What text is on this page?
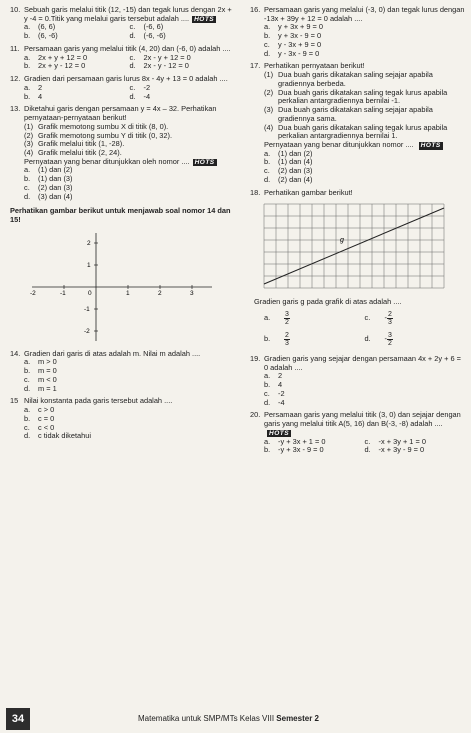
10. Sebuah garis melalui titik (12, -15) dan tegak lurus dengan 2x + y -4 = 0.Titik yang melalui garis tersebut adalah .... HOTS
a.	(6, 6)	c.	(-6, 6)
b.	(6, -6)	d.	(-6, -6)
11. Persamaan garis yang melalui titik (4, 20) dan (-6, 0) adalah ....
a.	2x + y + 12 = 0	c.	2x - y + 12 = 0
b.	2x + y - 12 = 0	d.	2x - y - 12 = 0
12. Gradien dari persamaan garis lurus 8x - 4y + 13 = 0 adalah ....
a.	2	c.	-2
b.	4	d.	-4
13. Diketahui garis dengan persamaan y = 4x – 32. Perhatikan pernyataan-pernyataan berikut!
(1) Grafik memotong sumbu X di titik (8, 0).
(2) Grafik memotong sumbu Y di titik (0, 32).
(3) Grafik melalui titik (1, -28).
(4) Grafik melalui titik (2, 24).
Pernyataan yang benar ditunjukkan oleh nomor .... HOTS
a.	(1) dan (2)
b.	(1) dan (3)
c.	(2) dan (3)
d.	(3) dan (4)
Perhatikan gambar berikut untuk menjawab soal nomor 14 dan 15!
-2	-1	0	1	2	3
2
1
-1
-2
14. Gradien dari garis di atas adalah m. Nilai m adalah ....
a.	m > 0
b.	m = 0
c.	m < 0
d.	m = 1
15 Nilai konstanta pada garis tersebut adalah ....
a.	c > 0
b.	c = 0
c.	c < 0
d.	c tidak diketahui
16. Persamaan garis yang melalui (-3, 0) dan tegak lurus dengan -13x + 39y + 12 = 0 adalah ....
a.	y + 3x + 9 = 0
b.	y + 3x - 9 = 0
c.	y - 3x + 9 = 0
d.	y - 3x - 9 = 0
17. Perhatikan pernyataan berikut!
(1) Dua buah garis dikatakan saling sejajar apabila gradiennya berbeda.
(2) Dua buah garis dikatakan saling tegak lurus apabila perkalian antargradiennya bernilai -1.
(3) Dua buah garis dikatakan saling sejajar apabila gradiennya sama.
(4) Dua buah garis dikatakan saling tegak lurus apabila perkalian antargradiennya bernilai 1.
Pernyataan yang benar ditunjukkan nomor .... HOTS
a.	(1) dan (2)
b.	(1) dan (4)
c.	(2) dan (3)
d.	(2) dan (4)
18. Perhatikan gambar berikut!
g
Gradien garis g pada grafik di atas adalah ....
a.	$\frac{3}{2}$	c.	- $\frac{2}{3}$
b.	$\frac{2}{3}$	d.	- $\frac{3}{2}$
19. Gradien garis yang sejajar dengan persamaan 4x + 2y + 6 = 0 adalah ....
a.	2
b.	4
c.	-2
d.	-4
20. Persamaan garis yang melalui titik (3, 0) dan sejajar dengan garis yang melalui titik A(5, 16) dan B(-3, -8) adalah ....HOTS
a.	-y + 3x + 1 = 0	c.	-x + 3y + 1 = 0
b.	-y + 3x - 9 = 0	d.	-x + 3y - 9 = 0
34	Matematika untuk SMP/MTs Kelas VIII Semester 2
